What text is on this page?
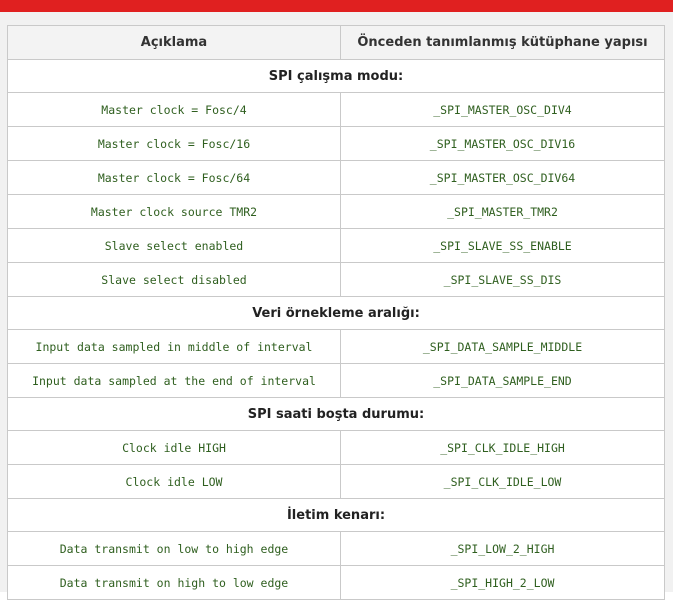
Açıklama	Önceden tanımlanmış kütüphane yapısı
SPI çalışma modu:	
Master clock = Fosc/4	_SPI_MASTER_OSC_DIV4
Master clock = Fosc/16	_SPI_MASTER_OSC_DIV16
Master clock = Fosc/64	_SPI_MASTER_OSC_DIV64
Master clock source TMR2	_SPI_MASTER_TMR2
Slave select enabled	_SPI_SLAVE_SS_ENABLE
Slave select disabled	_SPI_SLAVE_SS_DIS
Veri örnekleme aralığı:	
Input data sampled in middle of interval	_SPI_DATA_SAMPLE_MIDDLE
Input data sampled at the end of interval	_SPI_DATA_SAMPLE_END
SPI saati boşta durumu:	
Clock idle HIGH	_SPI_CLK_IDLE_HIGH
Clock idle LOW	_SPI_CLK_IDLE_LOW
İletim kenarı:	
Data transmit on low to high edge	_SPI_LOW_2_HIGH
Data transmit on high to low edge	_SPI_HIGH_2_LOW
